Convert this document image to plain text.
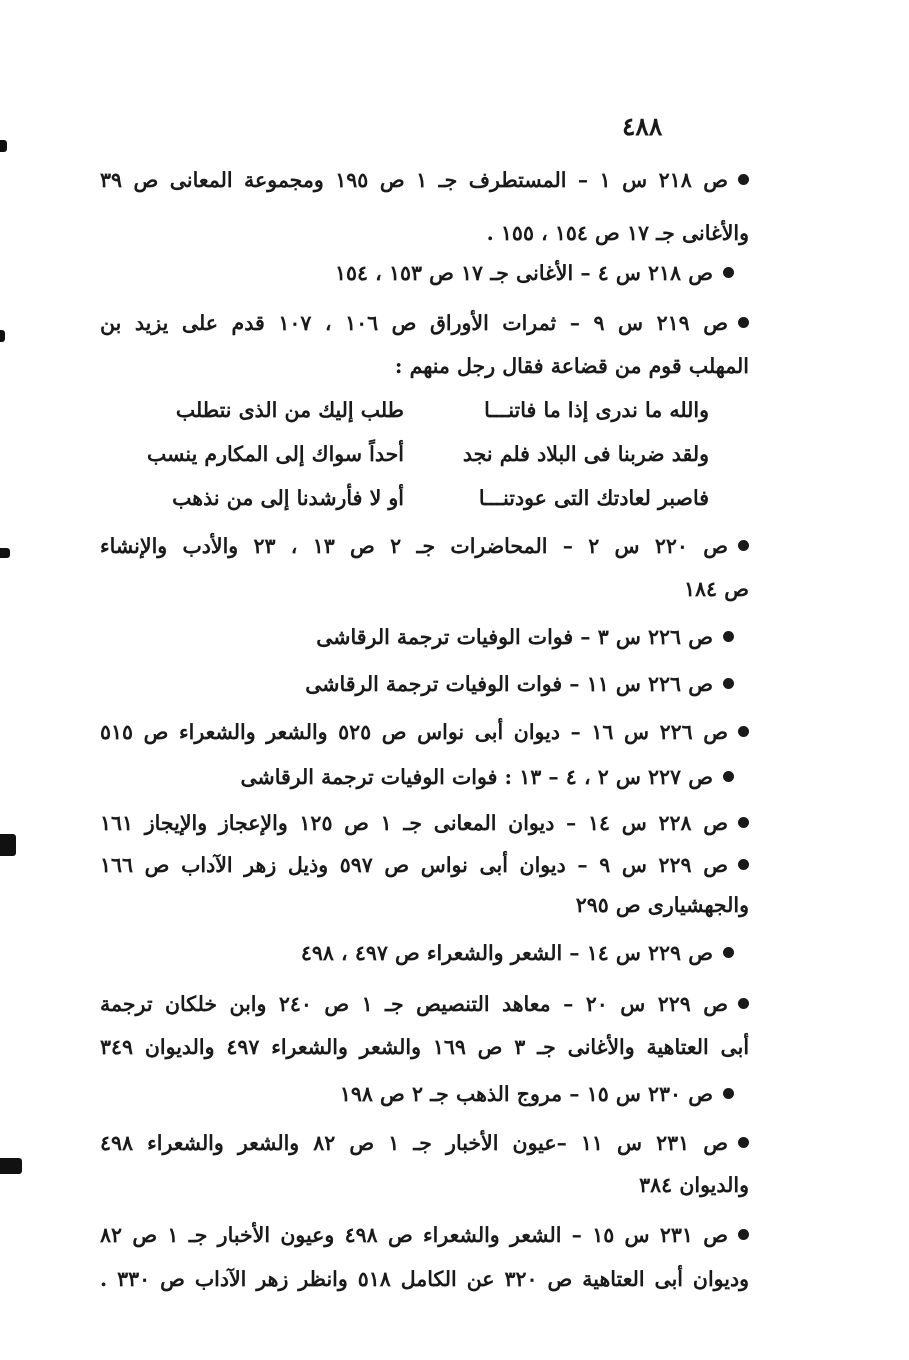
٤٨٨
ص ٢١٨ س ١ – المستطرف جـ ١ ص ١٩٥ ومجموعة المعانى ص ٣٩
والأغانى جـ ١٧ ص ١٥٤ ، ١٥٥ .
ص ٢١٨ س ٤ – الأغانى جـ ١٧ ص ١٥٣ ، ١٥٤
ص ٢١٩ س ٩ – ثمرات الأوراق ص ١٠٦ ، ١٠٧ قدم على يزيد بن
المهلب قوم من قضاعة فقال رجل منهم :
ص ٢٢٠ س ٢ – المحاضرات جـ ٢ ص ١٣ ، ٢٣ والأدب والإنشاء
ص ١٨٤
ص ٢٢٦ س ٣ – فوات الوفيات ترجمة الرقاشى
ص ٢٢٦ س ١١ – فوات الوفيات ترجمة الرقاشى
ص ٢٢٦ س ١٦ – ديوان أبى نواس ص ٥٢٥ والشعر والشعراء ص ٥١٥
ص ٢٢٧ س ٢ ، ٤ – ١٣ : فوات الوفيات ترجمة الرقاشى
ص ٢٢٨ س ١٤ – ديوان المعانى جـ ١ ص ١٢٥ والإعجاز والإيجاز ١٦١
ص ٢٢٩ س ٩ – ديوان أبى نواس ص ٥٩٧ وذيل زهر الآداب ص ١٦٦
والجهشيارى ص ٢٩٥
ص ٢٢٩ س ١٤ – الشعر والشعراء ص ٤٩٧ ، ٤٩٨
ص ٢٢٩ س ٢٠ – معاهد التنصيص جـ ١ ص ٢٤٠ وابن خلكان ترجمة
أبى العتاهية والأغانى جـ ٣ ص ١٦٩ والشعر والشعراء ٤٩٧ والديوان ٣٤٩
ص ٢٣٠ س ١٥ – مروج الذهب جـ ٢ ص ١٩٨
ص ٢٣١ س ١١ –عيون الأخبار جـ ١ ص ٨٢ والشعر والشعراء ٤٩٨
والديوان ٣٨٤
ص ٢٣١ س ١٥ – الشعر والشعراء ص ٤٩٨ وعيون الأخبار جـ ١ ص ٨٢
وديوان أبى العتاهية ص ٣٢٠ عن الكامل ٥١٨ وانظر زهر الآداب ص ٣٣٠ .
والله ما ندرى إذا ما فاتنـــا
طلب إليك من الذى نتطلب
ولقد ضربنا فى البلاد فلم نجد
أحداً سواك إلى المكارم ينسب
فاصبر لعادتك التى عودتنـــا
أو لا فأرشدنا إلى من نذهب
